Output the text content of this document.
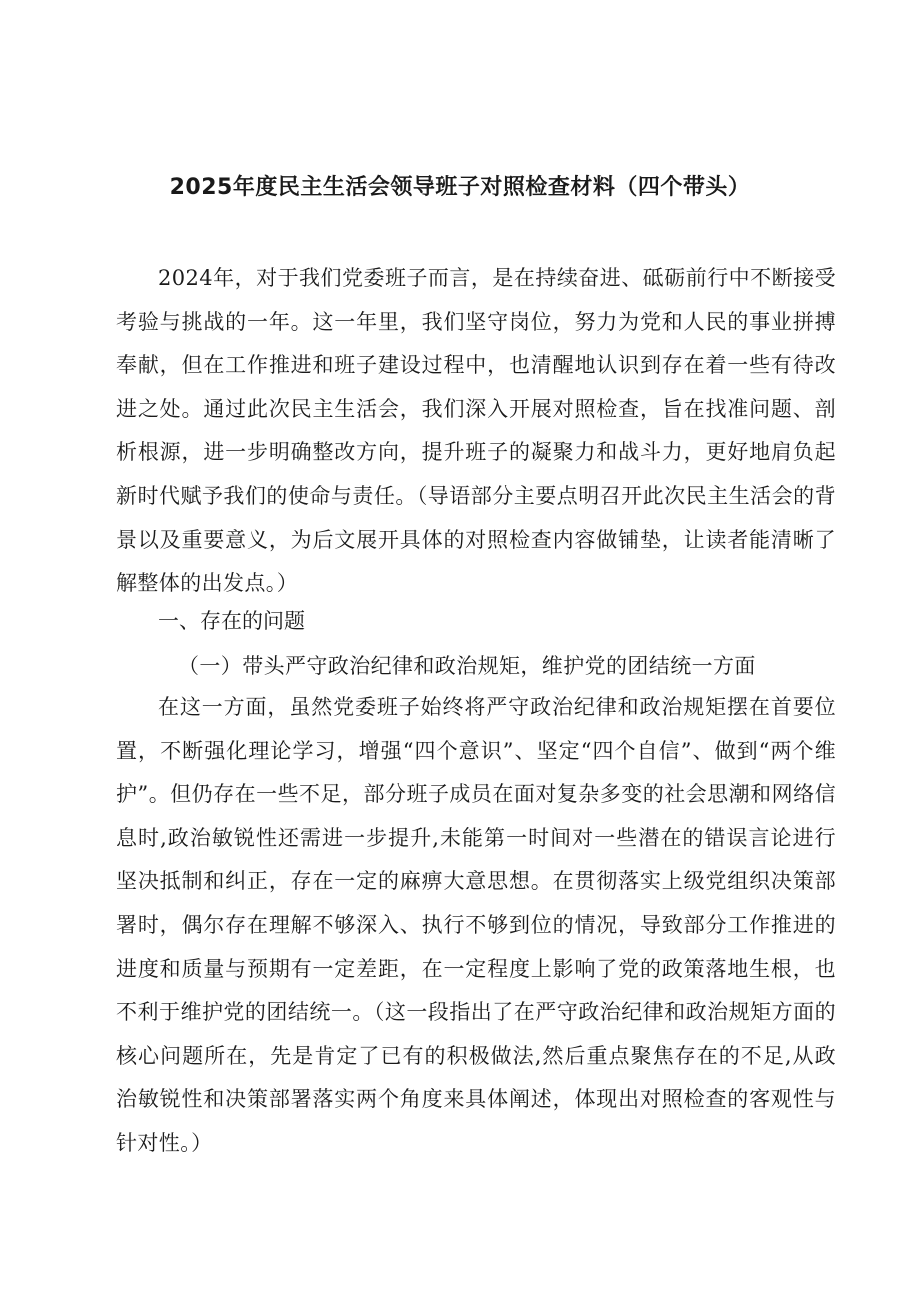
2025年度民主生活会领导班子对照检查材料（四个带头）

2024年，对于我们党委班子而言，是在持续奋进、砥砺前行中不断接受考验与挑战的一年。这一年里，我们坚守岗位，努力为党和人民的事业拼搏奉献，但在工作推进和班子建设过程中，也清醒地认识到存在着一些有待改进之处。通过此次民主生活会，我们深入开展对照检查，旨在找准问题、剖析根源，进一步明确整改方向，提升班子的凝聚力和战斗力，更好地肩负起新时代赋予我们的使命与责任。（导语部分主要点明召开此次民主生活会的背景以及重要意义，为后文展开具体的对照检查内容做铺垫，让读者能清晰了解整体的出发点。）

一、存在的问题
（一）带头严守政治纪律和政治规矩，维护党的团结统一方面

在这一方面，虽然党委班子始终将严守政治纪律和政治规矩摆在首要位置，不断强化理论学习，增强“四个意识”、坚定“四个自信”、做到“两个维护”。但仍存在一些不足，部分班子成员在面对复杂多变的社会思潮和网络信息时,政治敏锐性还需进一步提升,未能第一时间对一些潜在的错误言论进行坚决抵制和纠正，存在一定的麻痹大意思想。在贯彻落实上级党组织决策部署时，偶尔存在理解不够深入、执行不够到位的情况，导致部分工作推进的进度和质量与预期有一定差距，在一定程度上影响了党的政策落地生根，也不利于维护党的团结统一。（这一段指出了在严守政治纪律和政治规矩方面的核心问题所在，先是肯定了已有的积极做法,然后重点聚焦存在的不足,从政治敏锐性和决策部署落实两个角度来具体阐述，体现出对照检查的客观性与针对性。）
